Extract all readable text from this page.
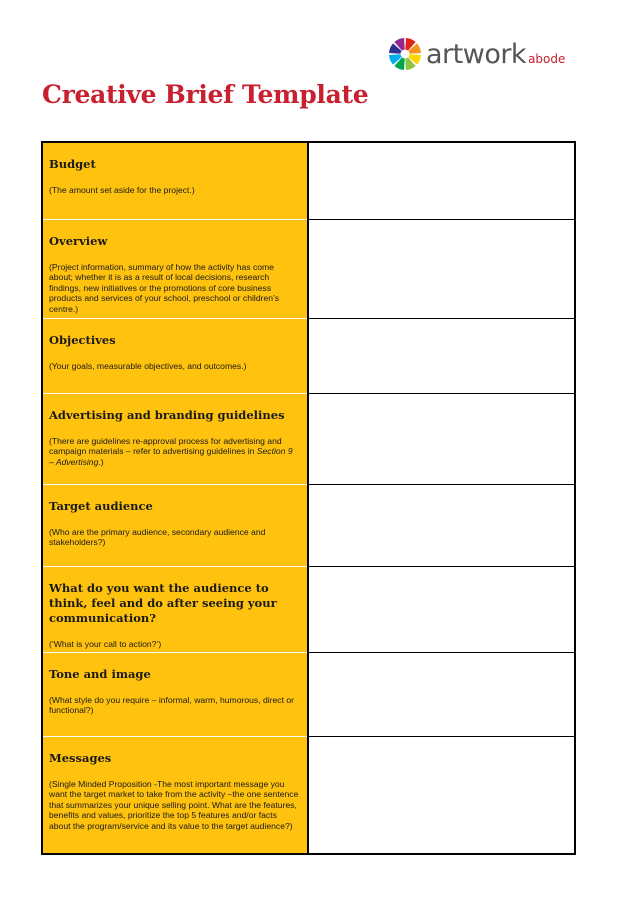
artwork abode
Creative Brief Template

Budget

(The amount set aside for the project.)	

Overview

(Project information, summary of how the activity has come about; whether it is as a result of local decisions, research findings, new initiatives or the promotions of core business products and services of your school, preschool or children’s centre.)	

Objectives

(Your goals, measurable objectives, and outcomes.)	

Advertising and branding guidelines

(There are guidelines re-approval process for advertising and campaign materials – refer to advertising guidelines in Section 9 – Advertising.)	

Target audience

(Who are the primary audience, secondary audience and stakeholders?)	

What do you want the audience to think, feel and do after seeing your communication?

(‘What is your call to action?’)	

Tone and image

(What style do you require – informal, warm, humorous, direct or functional?)	

Messages

(Single Minded Proposition -The most important message you want the target market to take from the activity –the one sentence that summarizes your unique selling point. What are the features, benefits and values, prioritize the top 5 features and/or facts about the program/service and its value to the target audience?)	
